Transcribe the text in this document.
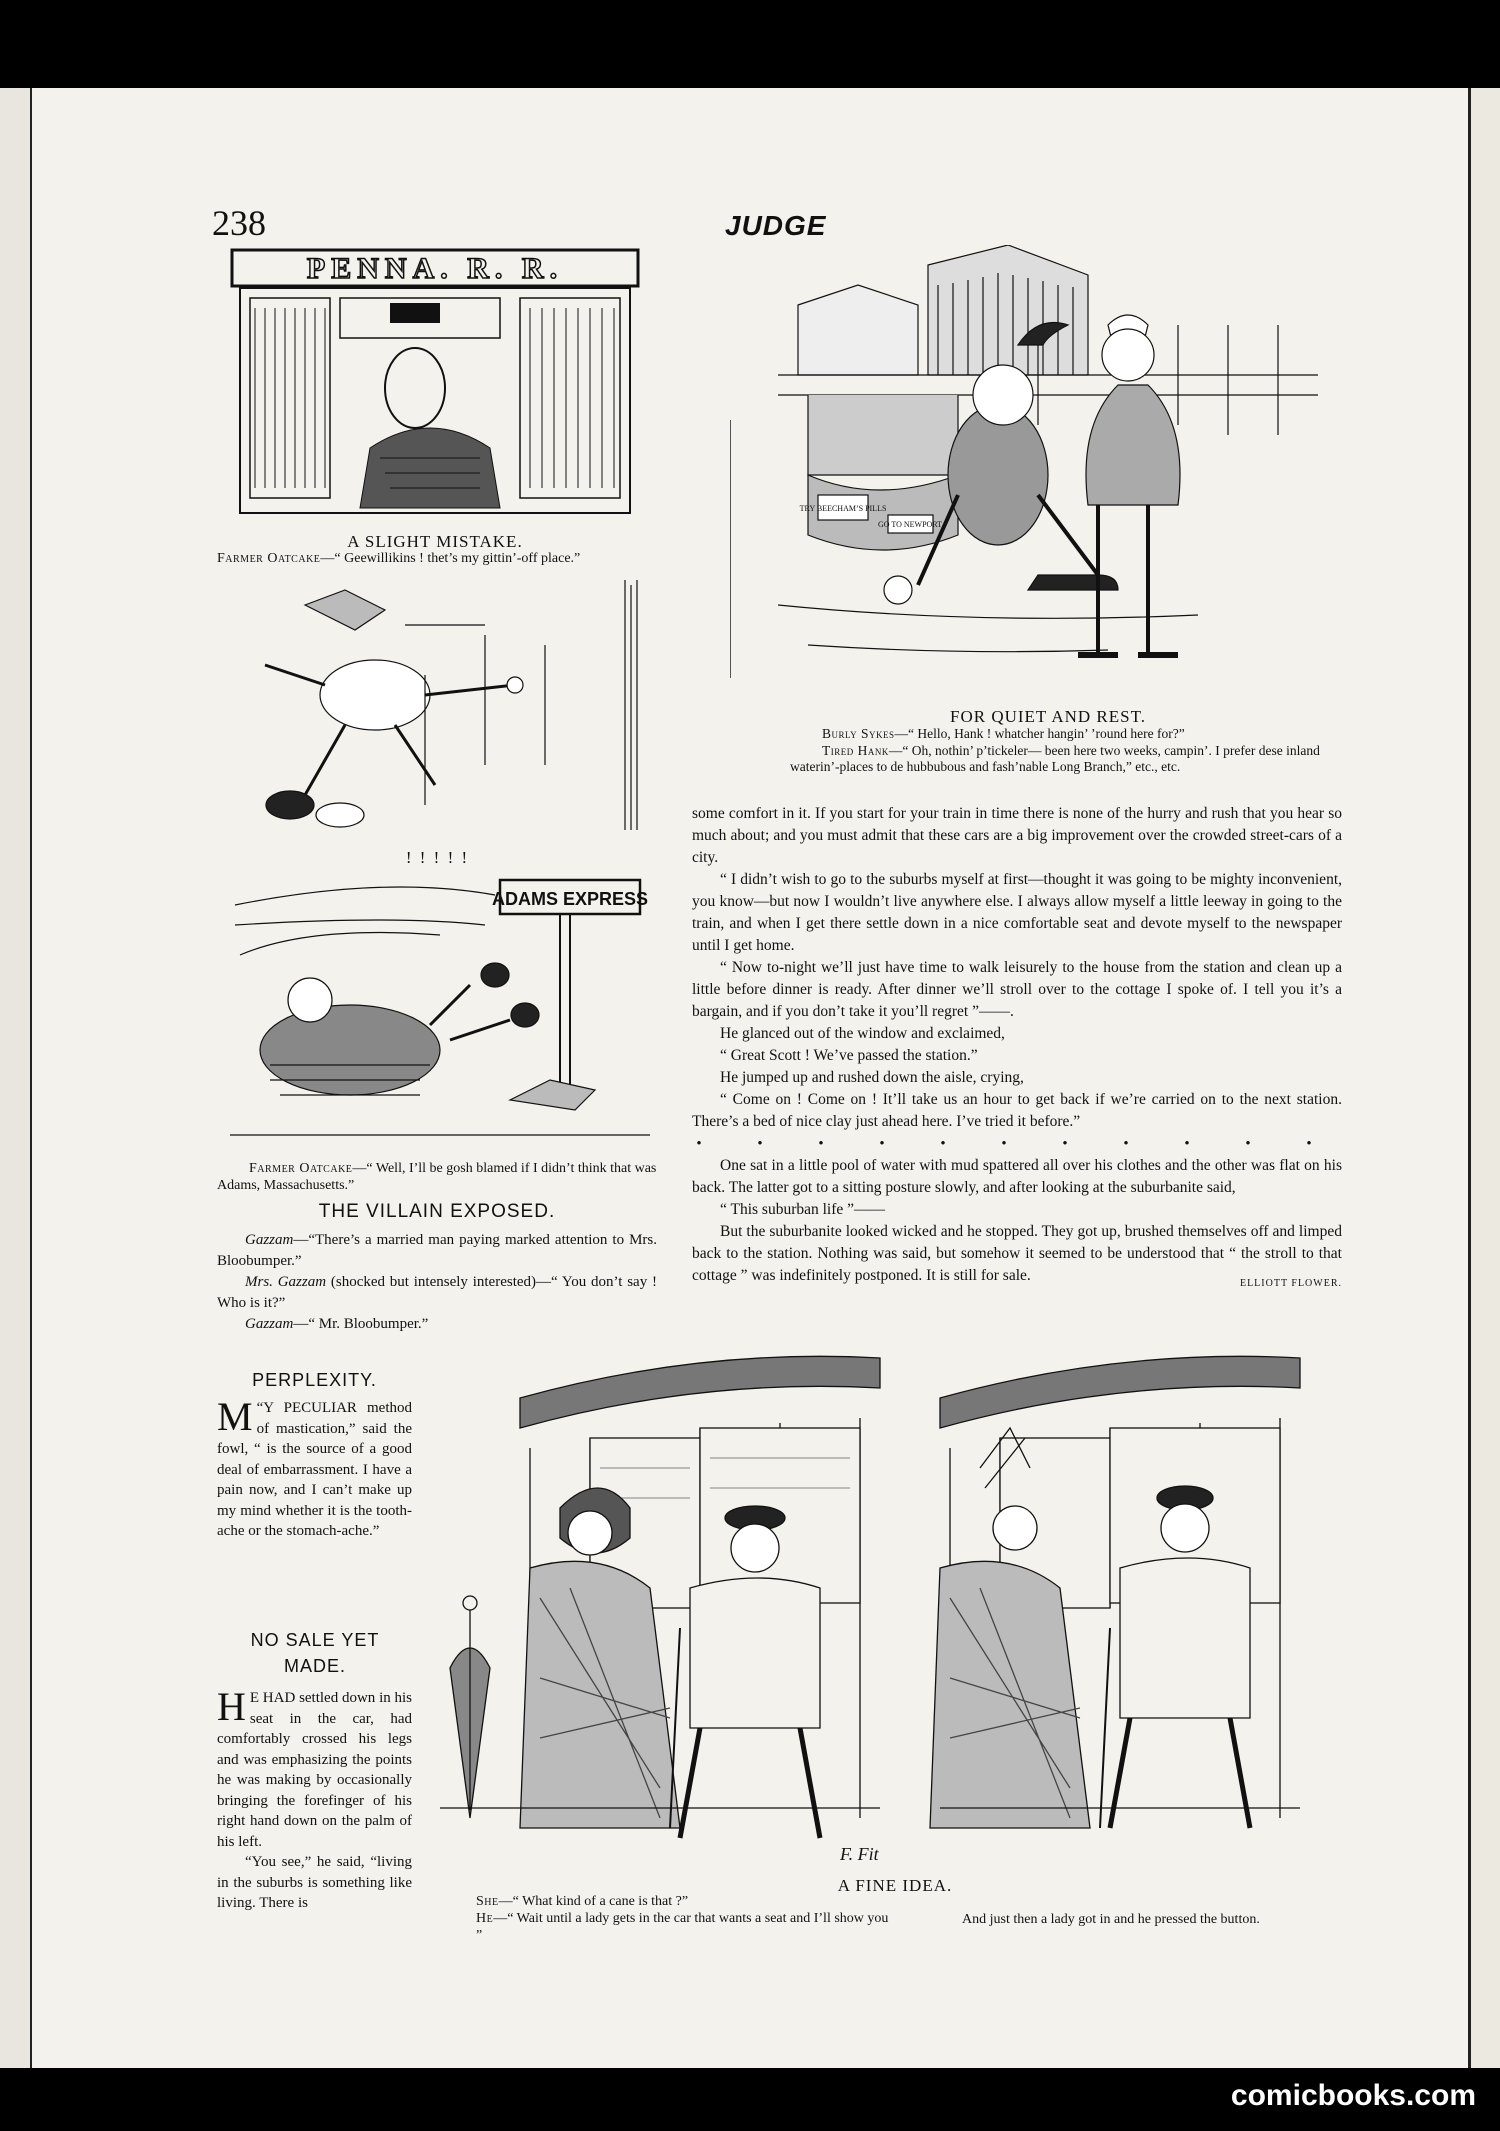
238	JUDGE
PENNA. R. R.
A SLIGHT MISTAKE.
Farmer Oatcake—“ Geewillikins ! thet’s my gittin’-off place.”
! ! ! ! !
ADAMS EXPRESS
Farmer Oatcake—“ Well, I’ll be gosh blamed if I didn’t think that was Adams, Massachusetts.”
THE VILLAIN EXPOSED.

Gazzam—“There’s a married man paying marked attention to Mrs. Bloobumper.”

Mrs. Gazzam (shocked but intensely interested)—“ You don’t say ! Who is it?”

Gazzam—“ Mr. Bloobumper.”

PERPLEXITY.

“
M Y PECULIAR method of mastication,” said the fowl, “ is the source of a good deal of embarrassment. I have a pain now, and I can’t make up my mind whether it is the tooth-ache or the stomach-ache.”

NO SALE YET MADE.

H E HAD settled down in his seat in the car, had comfortably crossed his legs and was emphasizing the points he was making by occasionally bringing the forefinger of his right hand down on the palm of his left.

“You see,” he said, “living in the suburbs is something like living. There is

TRY BEECHAM’S PILLS
GO TO NEWPORT
FOR QUIET AND REST.
Burly Sykes—“ Hello, Hank ! whatcher hangin’ ’round here for?”
Tired Hank—“ Oh, nothin’ p’tickeler— been here two weeks, campin’. I prefer dese inland waterin’-places to de hubbubous and fash’nable Long Branch,” etc., etc.

some comfort in it. If you start for your train in time there is none of the hurry and rush that you hear so much about; and you must admit that these cars are a big improvement over the crowded street-cars of a city.

“ I didn’t wish to go to the suburbs myself at first—thought it was going to be mighty inconvenient, you know—but now I wouldn’t live anywhere else. I always allow myself a little leeway in going to the train, and when I get there settle down in a nice comfortable seat and devote myself to the newspaper until I get home.

“ Now to-night we’ll just have time to walk leisurely to the house from the station and clean up a little before dinner is ready. After dinner we’ll stroll over to the cottage I spoke of. I tell you it’s a bargain, and if you don’t take it you’ll regret ”——.

He glanced out of the window and exclaimed,

“ Great Scott ! We’ve passed the station.”

He jumped up and rushed down the aisle, crying,

“ Come on ! Come on ! It’ll take us an hour to get back if we’re carried on to the next station. There’s a bed of nice clay just ahead here. I’ve tried it before.”

• • • • • • • • • • •

One sat in a little pool of water with mud spattered all over his clothes and the other was flat on his back. The latter got to a sitting posture slowly, and after looking at the suburbanite said,

“ This suburban life ”——

But the suburbanite looked wicked and he stopped. They got up, brushed themselves off and limped back to the station. Nothing was said, but somehow it seemed to be understood that “ the stroll to that cottage ” was indefinitely postponed. It is still for sale.	ELLIOTT FLOWER.
F. Fit
A FINE IDEA.
She—“ What kind of a cane is that ?”
He—“ Wait until a lady gets in the car that wants a seat and I’ll show you ”
And just then a lady got in and he pressed the button.
comicbooks.com
